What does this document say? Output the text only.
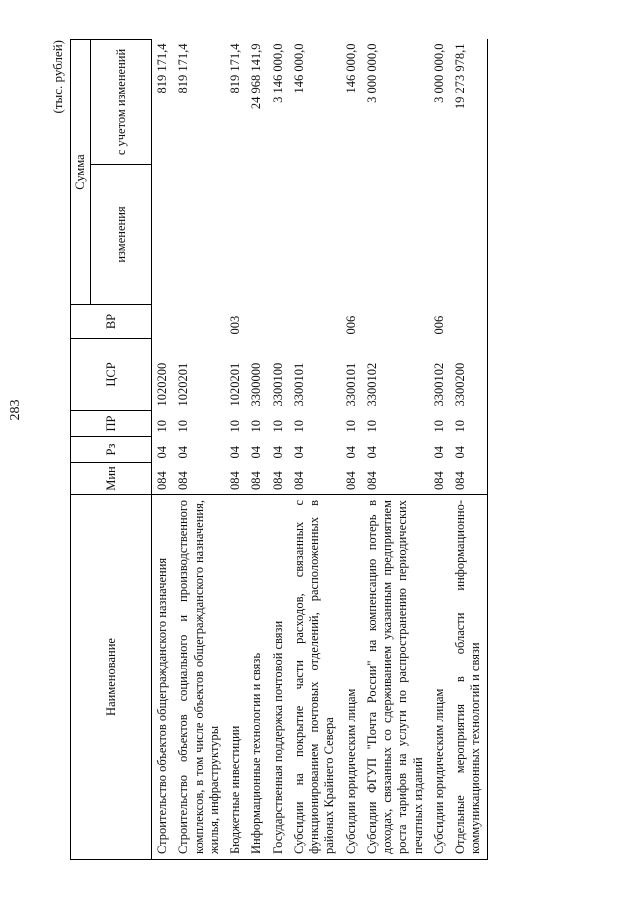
283
(тыс. рублей)
Наименование	Мин	Рз	ПР	ЦСР	ВР	Сумма	
						изменения	с учетом изменений
Строительство объектов общегражданского назначения	084	04	10	1020200			819 171,4
Строительство объектов социального и производственного комплексов, в том числе объектов общегражданского назначения, жилья, инфраструктуры	084	04	10	1020201			819 171,4
Бюджетные инвестиции	084	04	10	1020201	003		819 171,4
Информационные технологии и связь	084	04	10	3300000			24 968 141,9
Государственная поддержка почтовой связи	084	04	10	3300100			3 146 000,0
Субсидии на покрытие части расходов, связанных с функционированием почтовых отделений, расположенных в районах Крайнего Севера	084	04	10	3300101			146 000,0
Субсидии юридическим лицам	084	04	10	3300101	006		146 000,0
Субсидии ФГУП "Почта России" на компенсацию потерь в доходах, связанных со сдерживанием указанным предприятием роста тарифов на услуги по распространению периодических печатных изданий	084	04	10	3300102			3 000 000,0
Субсидии юридическим лицам	084	04	10	3300102	006		3 000 000,0
Отдельные мероприятия в области информационно-коммуникационных технологий и связи	084	04	10	3300200			19 273 978,1
